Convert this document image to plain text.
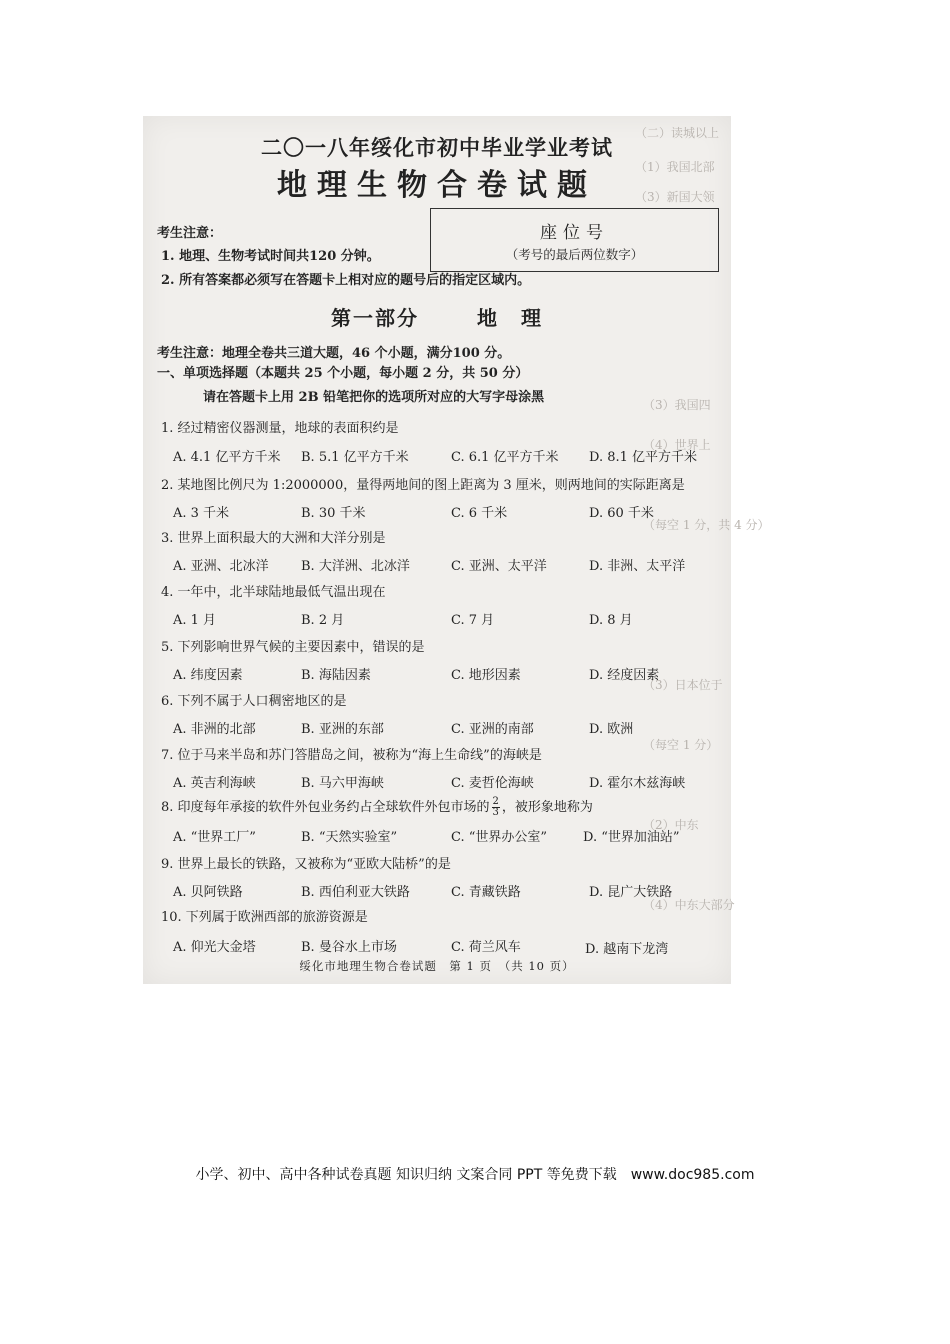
（二）读城以上
（1）我国北部
（3）新国大领
（3）我国四
（4）世界上
（每空 1 分，共 4 分）
（3）日本位于
（每空 1 分）
（2）中东
（4）中东大部分
二〇一八年绥化市初中毕业学业考试
地理生物合卷试题
座位号
（考号的最后两位数字）
考生注意：
1. 地理、生物考试时间共120 分钟。
2. 所有答案都必须写在答题卡上相对应的题号后的指定区域内。
第一部分	地　理
考生注意：地理全卷共三道大题，46 个小题，满分100 分。
一、单项选择题（本题共 25 个小题，每小题 2 分，共 50 分）
请在答题卡上用 2B 铅笔把你的选项所对应的大写字母涂黑
1. 经过精密仪器测量，地球的表面积约是
A. 4.1 亿平方千米 B. 5.1 亿平方千米	C. 6.1 亿平方千米 D. 8.1 亿平方千米
2. 某地图比例尺为 1:2000000，量得两地间的图上距离为 3 厘米，则两地间的实际距离是
A. 3 千米	B. 30 千米	C. 6 千米	D. 60 千米
3. 世界上面积最大的大洲和大洋分别是
A. 亚洲、北冰洋 B. 大洋洲、北冰洋	C. 亚洲、太平洋	D. 非洲、太平洋
4. 一年中，北半球陆地最低气温出现在
A. 1 月	B. 2 月	C. 7 月	D. 8 月
5. 下列影响世界气候的主要因素中，错误的是
A. 纬度因素	B. 海陆因素	C. 地形因素	D. 经度因素
6. 下列不属于人口稠密地区的是
A. 非洲的北部	B. 亚洲的东部	C. 亚洲的南部	D. 欧洲
7. 位于马来半岛和苏门答腊岛之间，被称为“海上生命线”的海峡是
A. 英吉利海峡	B. 马六甲海峡	C. 麦哲伦海峡	D. 霍尔木兹海峡
8. 印度每年承接的软件外包业务约占全球软件外包市场的 $\frac{2}{3}$ ，被形象地称为
A. “世界工厂”	B. “天然实验室”	C. “世界办公室”	D. “世界加油站”
9. 世界上最长的铁路，又被称为“亚欧大陆桥”的是
A. 贝阿铁路	B. 西伯利亚大铁路	C. 青藏铁路	D. 昆广大铁路
10. 下列属于欧洲西部的旅游资源是
A. 仰光大金塔	B. 曼谷水上市场	C. 荷兰风车	D. 越南下龙湾
绥化市地理生物合卷试题　第 1 页　（共 10 页）
小学、初中、高中各种试卷真题 知识归纳 文案合同 PPT 等免费下载　www.doc985.com
